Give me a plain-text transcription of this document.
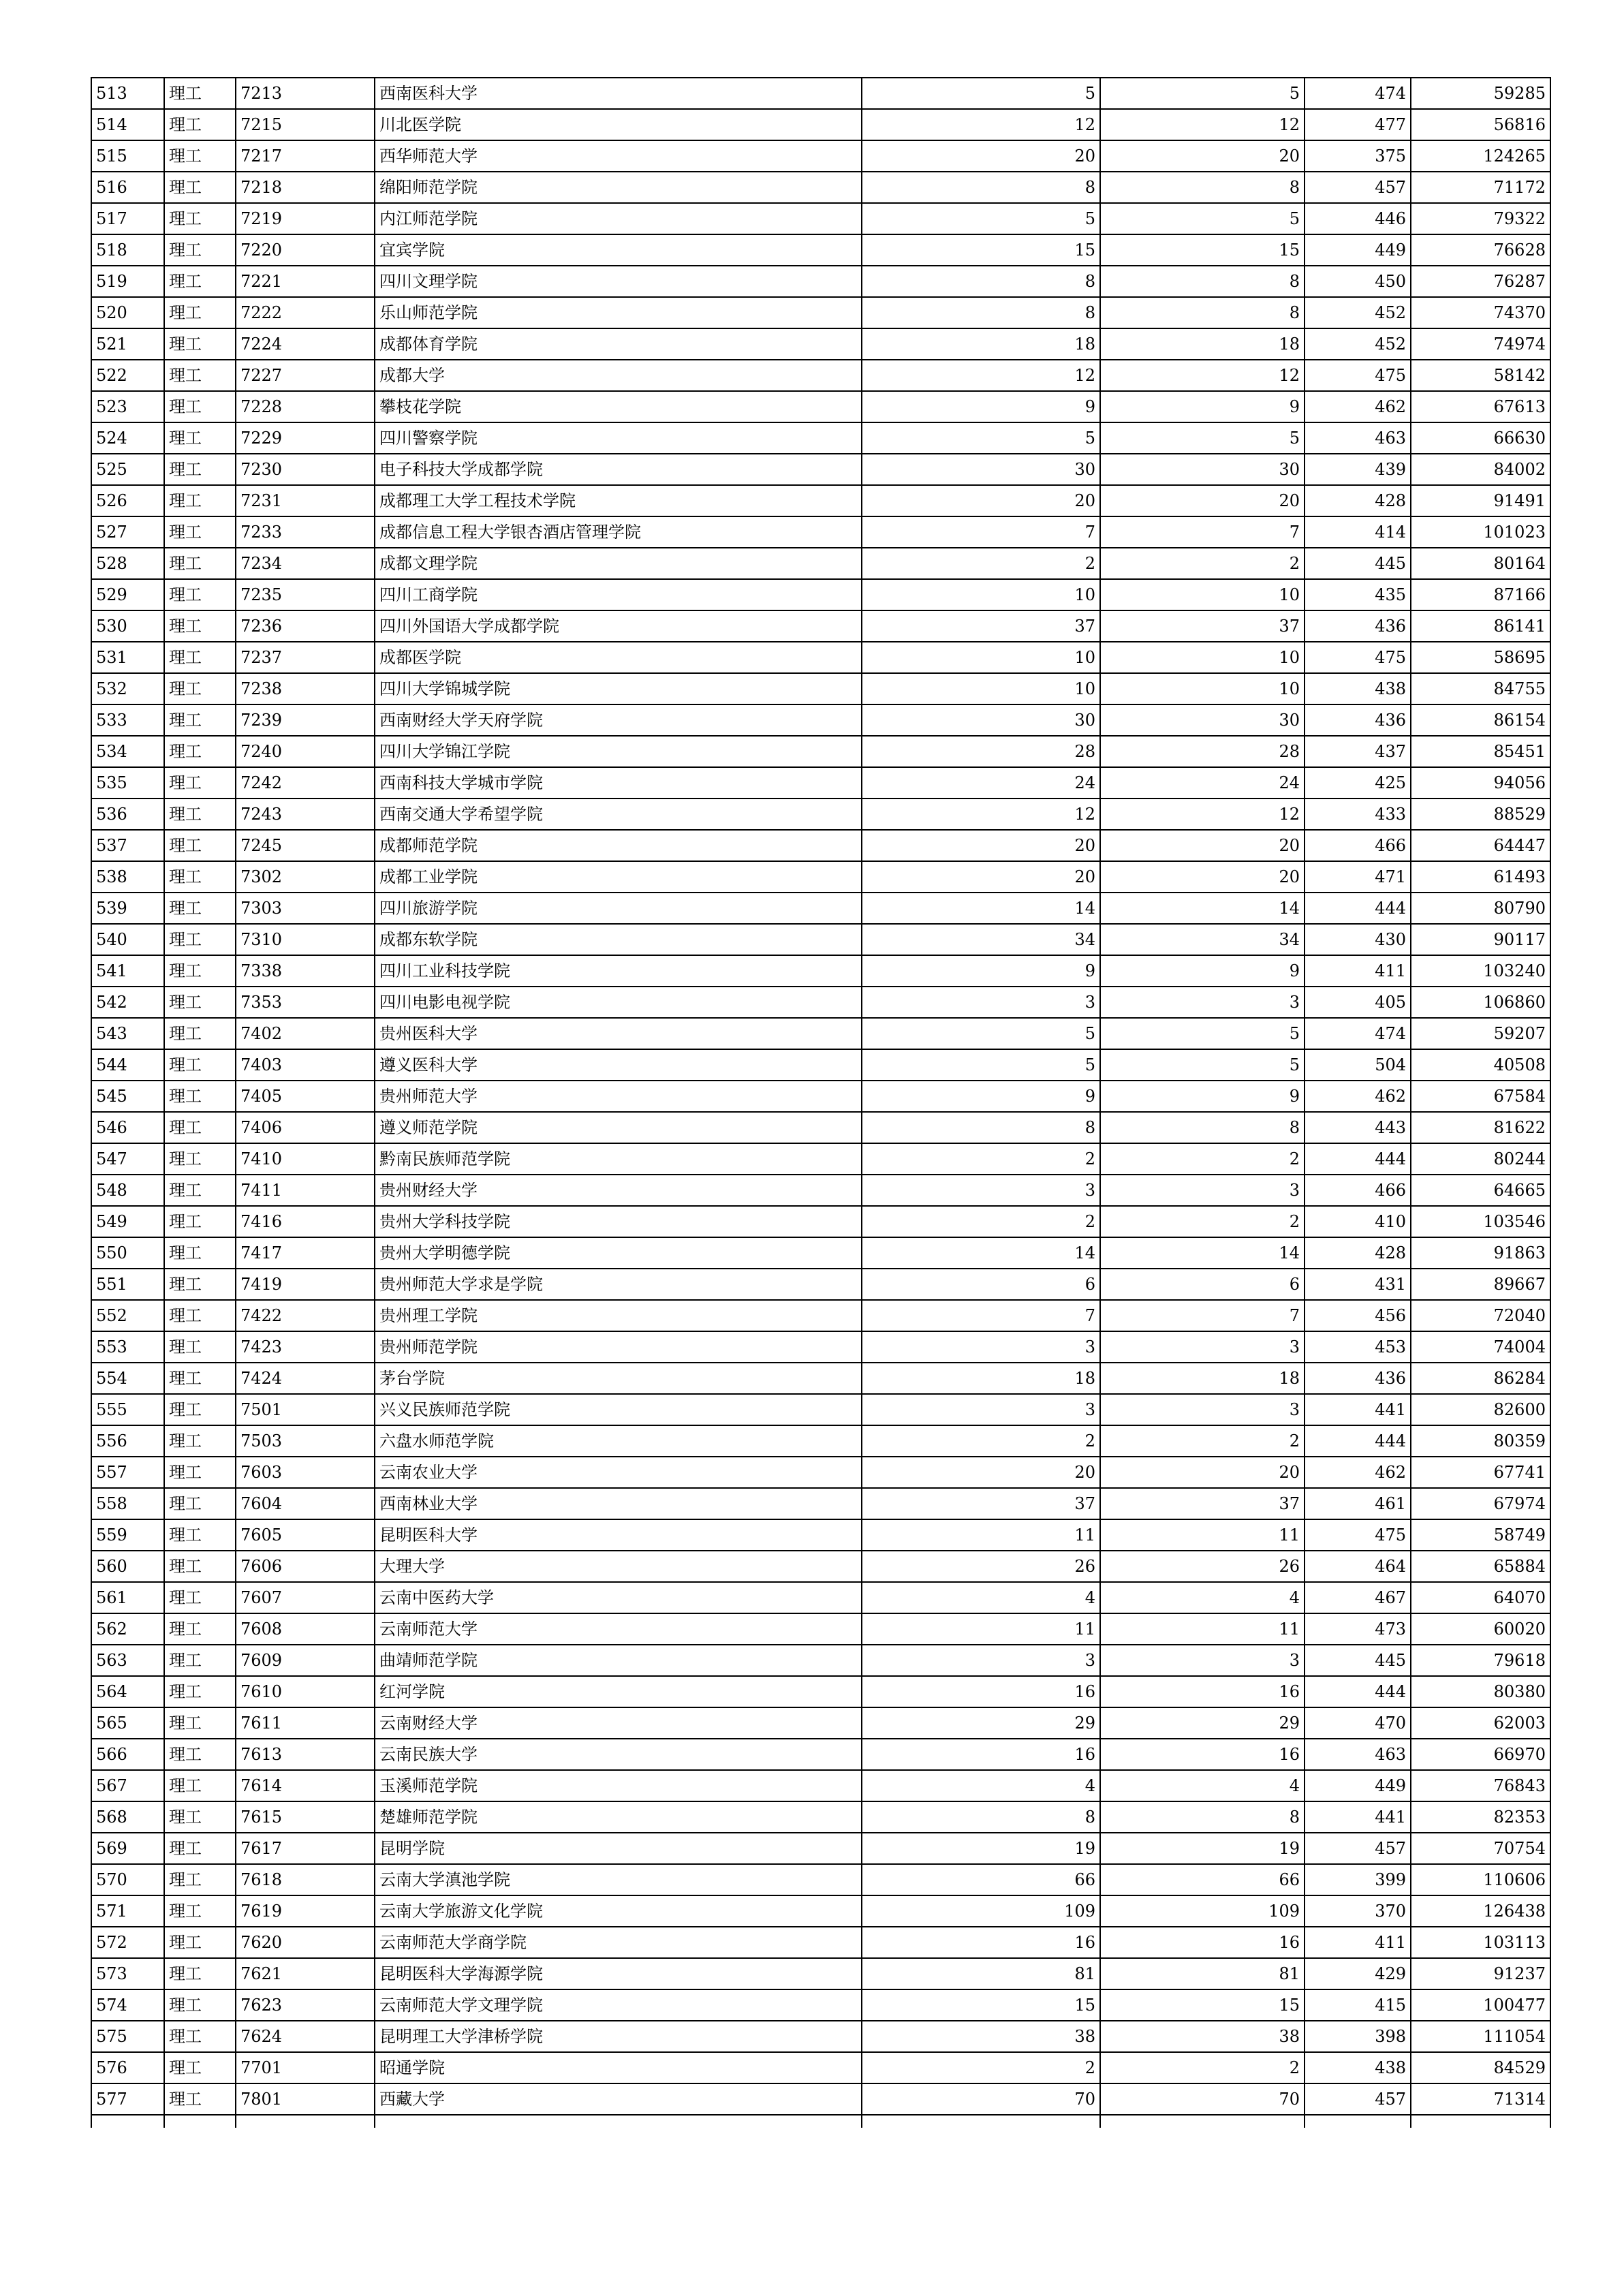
513	理工	7213	西南医科大学	5	5	474	59285
514	理工	7215	川北医学院	12	12	477	56816
515	理工	7217	西华师范大学	20	20	375	124265
516	理工	7218	绵阳师范学院	8	8	457	71172
517	理工	7219	内江师范学院	5	5	446	79322
518	理工	7220	宜宾学院	15	15	449	76628
519	理工	7221	四川文理学院	8	8	450	76287
520	理工	7222	乐山师范学院	8	8	452	74370
521	理工	7224	成都体育学院	18	18	452	74974
522	理工	7227	成都大学	12	12	475	58142
523	理工	7228	攀枝花学院	9	9	462	67613
524	理工	7229	四川警察学院	5	5	463	66630
525	理工	7230	电子科技大学成都学院	30	30	439	84002
526	理工	7231	成都理工大学工程技术学院	20	20	428	91491
527	理工	7233	成都信息工程大学银杏酒店管理学院	7	7	414	101023
528	理工	7234	成都文理学院	2	2	445	80164
529	理工	7235	四川工商学院	10	10	435	87166
530	理工	7236	四川外国语大学成都学院	37	37	436	86141
531	理工	7237	成都医学院	10	10	475	58695
532	理工	7238	四川大学锦城学院	10	10	438	84755
533	理工	7239	西南财经大学天府学院	30	30	436	86154
534	理工	7240	四川大学锦江学院	28	28	437	85451
535	理工	7242	西南科技大学城市学院	24	24	425	94056
536	理工	7243	西南交通大学希望学院	12	12	433	88529
537	理工	7245	成都师范学院	20	20	466	64447
538	理工	7302	成都工业学院	20	20	471	61493
539	理工	7303	四川旅游学院	14	14	444	80790
540	理工	7310	成都东软学院	34	34	430	90117
541	理工	7338	四川工业科技学院	9	9	411	103240
542	理工	7353	四川电影电视学院	3	3	405	106860
543	理工	7402	贵州医科大学	5	5	474	59207
544	理工	7403	遵义医科大学	5	5	504	40508
545	理工	7405	贵州师范大学	9	9	462	67584
546	理工	7406	遵义师范学院	8	8	443	81622
547	理工	7410	黔南民族师范学院	2	2	444	80244
548	理工	7411	贵州财经大学	3	3	466	64665
549	理工	7416	贵州大学科技学院	2	2	410	103546
550	理工	7417	贵州大学明德学院	14	14	428	91863
551	理工	7419	贵州师范大学求是学院	6	6	431	89667
552	理工	7422	贵州理工学院	7	7	456	72040
553	理工	7423	贵州师范学院	3	3	453	74004
554	理工	7424	茅台学院	18	18	436	86284
555	理工	7501	兴义民族师范学院	3	3	441	82600
556	理工	7503	六盘水师范学院	2	2	444	80359
557	理工	7603	云南农业大学	20	20	462	67741
558	理工	7604	西南林业大学	37	37	461	67974
559	理工	7605	昆明医科大学	11	11	475	58749
560	理工	7606	大理大学	26	26	464	65884
561	理工	7607	云南中医药大学	4	4	467	64070
562	理工	7608	云南师范大学	11	11	473	60020
563	理工	7609	曲靖师范学院	3	3	445	79618
564	理工	7610	红河学院	16	16	444	80380
565	理工	7611	云南财经大学	29	29	470	62003
566	理工	7613	云南民族大学	16	16	463	66970
567	理工	7614	玉溪师范学院	4	4	449	76843
568	理工	7615	楚雄师范学院	8	8	441	82353
569	理工	7617	昆明学院	19	19	457	70754
570	理工	7618	云南大学滇池学院	66	66	399	110606
571	理工	7619	云南大学旅游文化学院	109	109	370	126438
572	理工	7620	云南师范大学商学院	16	16	411	103113
573	理工	7621	昆明医科大学海源学院	81	81	429	91237
574	理工	7623	云南师范大学文理学院	15	15	415	100477
575	理工	7624	昆明理工大学津桥学院	38	38	398	111054
576	理工	7701	昭通学院	2	2	438	84529
577	理工	7801	西藏大学	70	70	457	71314
